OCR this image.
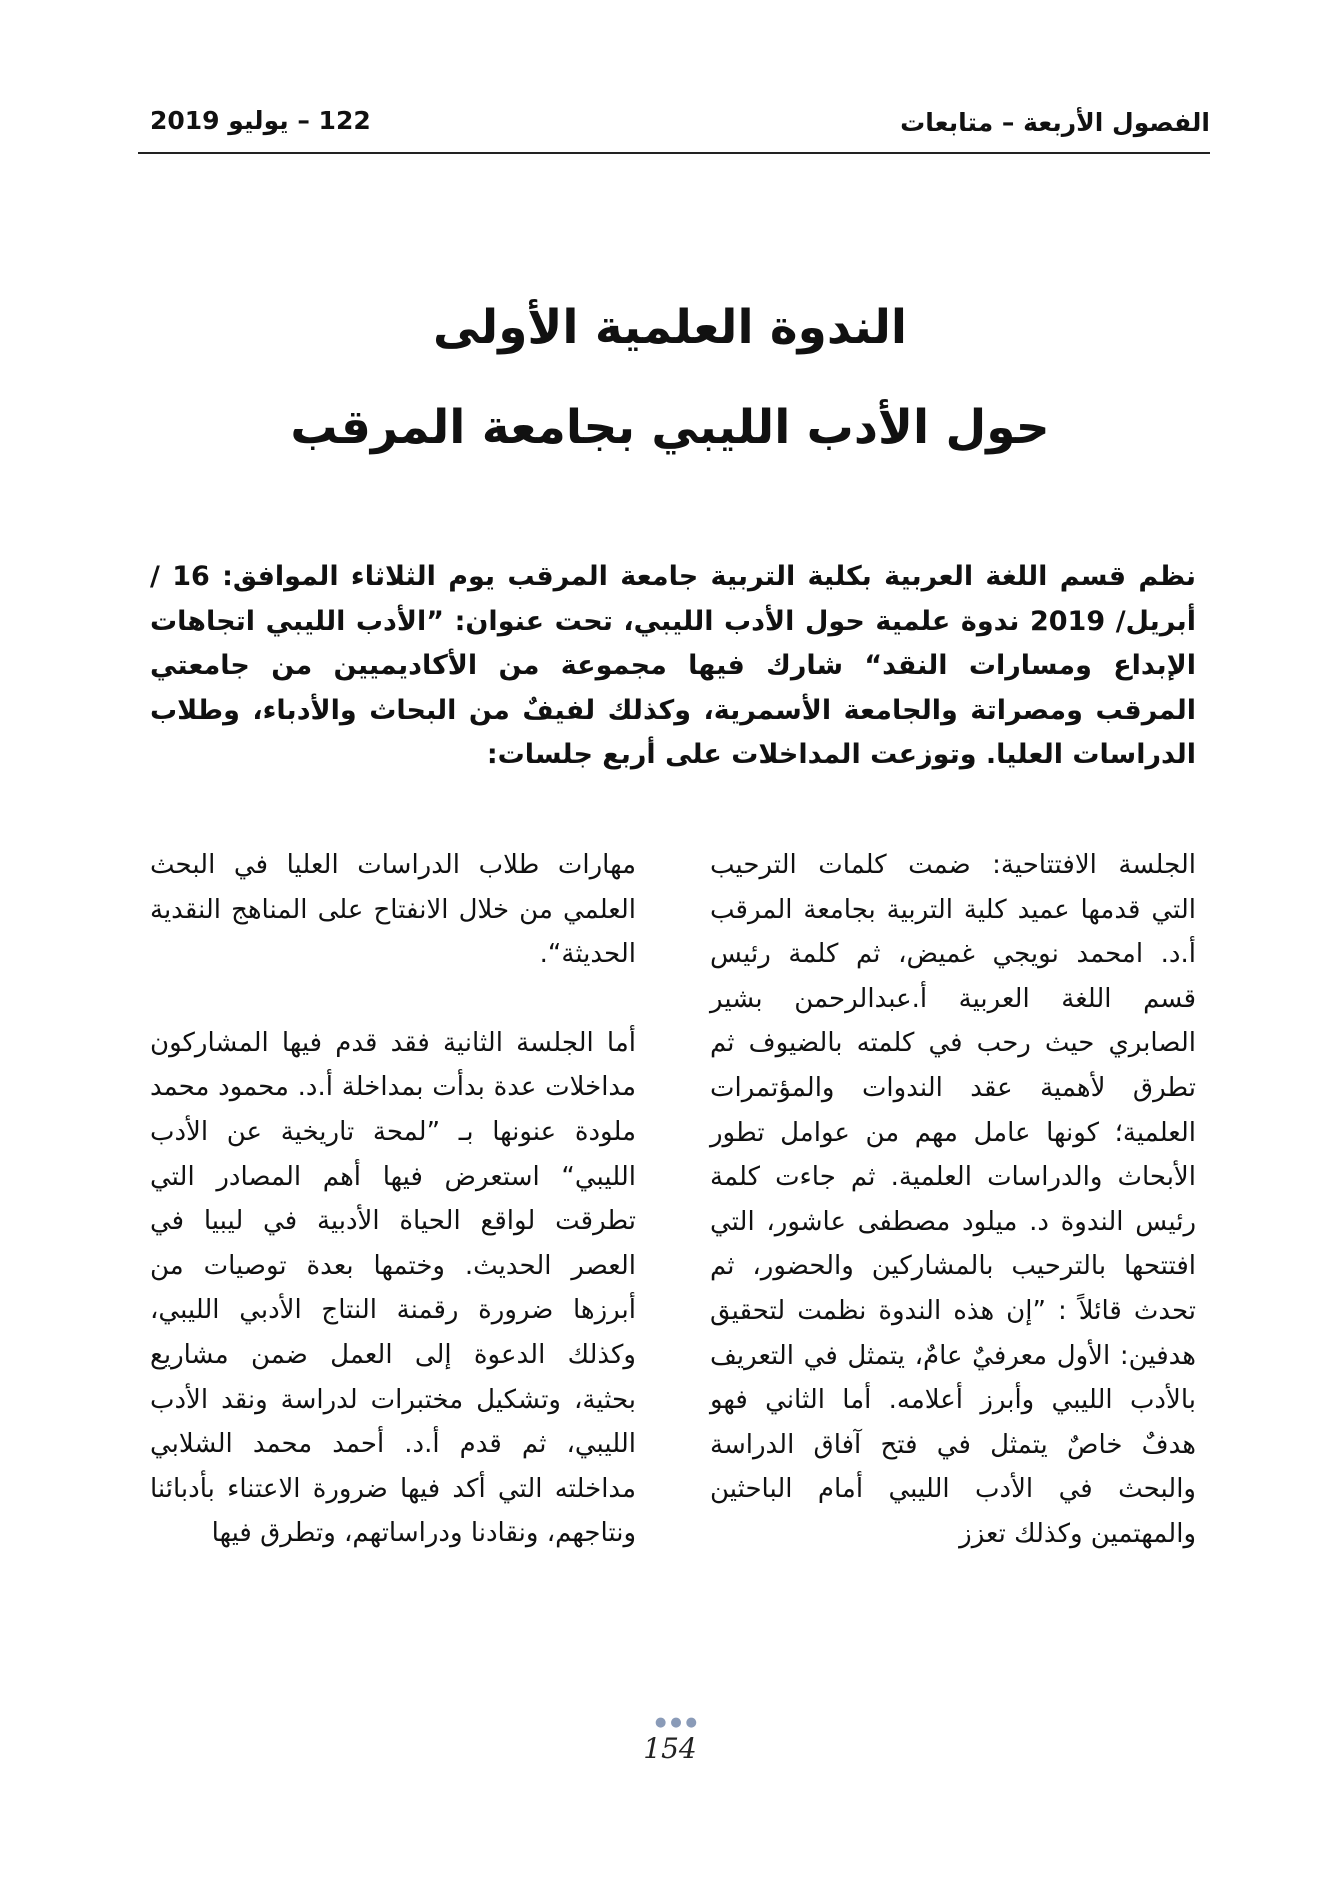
الفصول الأربعة – متابعات
122 – يوليو 2019
الندوة العلمية الأولى
حول الأدب الليبي بجامعة المرقب

نظم قسم اللغة العربية بكلية التربية جامعة المرقب يوم الثلاثاء الموافق: 16 / أبريل/ 2019 ندوة علمية حول الأدب الليبي، تحت عنوان: ”الأدب الليبي اتجاهات الإبداع ومسارات النقد“ شارك فيها مجموعة من الأكاديميين من جامعتي المرقب ومصراتة والجامعة الأسمرية، وكذلك لفيفٌ من البحاث والأدباء، وطلاب الدراسات العليا. وتوزعت المداخلات على أربع جلسات:

الجلسة الافتتاحية: ضمت كلمات الترحيب التي قدمها عميد كلية التربية بجامعة المرقب أ.د. امحمد نويجي غميض، ثم كلمة رئيس قسم اللغة العربية أ.عبدالرحمن بشير الصابري حيث رحب في كلمته بالضيوف ثم تطرق لأهمية عقد الندوات والمؤتمرات العلمية؛ كونها عامل مهم من عوامل تطور الأبحاث والدراسات العلمية. ثم جاءت كلمة رئيس الندوة د. ميلود مصطفى عاشور، التي افتتحها بالترحيب بالمشاركين والحضور، ثم تحدث قائلاً : ”إن هذه الندوة نظمت لتحقيق هدفين: الأول معرفيٌ عامٌ، يتمثل في التعريف بالأدب الليبي وأبرز أعلامه. أما الثاني فهو هدفٌ خاصٌ يتمثل في فتح آفاق الدراسة والبحث في الأدب الليبي أمام الباحثين والمهتمين وكذلك تعزز

مهارات طلاب الدراسات العليا في البحث العلمي من خلال الانفتاح على المناهج النقدية الحديثة“.

أما الجلسة الثانية فقد قدم فيها المشاركون مداخلات عدة بدأت بمداخلة أ.د. محمود محمد ملودة عنونها بـ ”لمحة تاريخية عن الأدب الليبي“ استعرض فيها أهم المصادر التي تطرقت لواقع الحياة الأدبية في ليبيا في العصر الحديث. وختمها بعدة توصيات من أبرزها ضرورة رقمنة النتاج الأدبي الليبي، وكذلك الدعوة إلى العمل ضمن مشاريع بحثية، وتشكيل مختبرات لدراسة ونقد الأدب الليبي، ثم قدم أ.د. أحمد محمد الشلابي مداخلته التي أكد فيها ضرورة الاعتناء بأدبائنا ونتاجهم، ونقادنا ودراساتهم، وتطرق فيها

●●●
154
